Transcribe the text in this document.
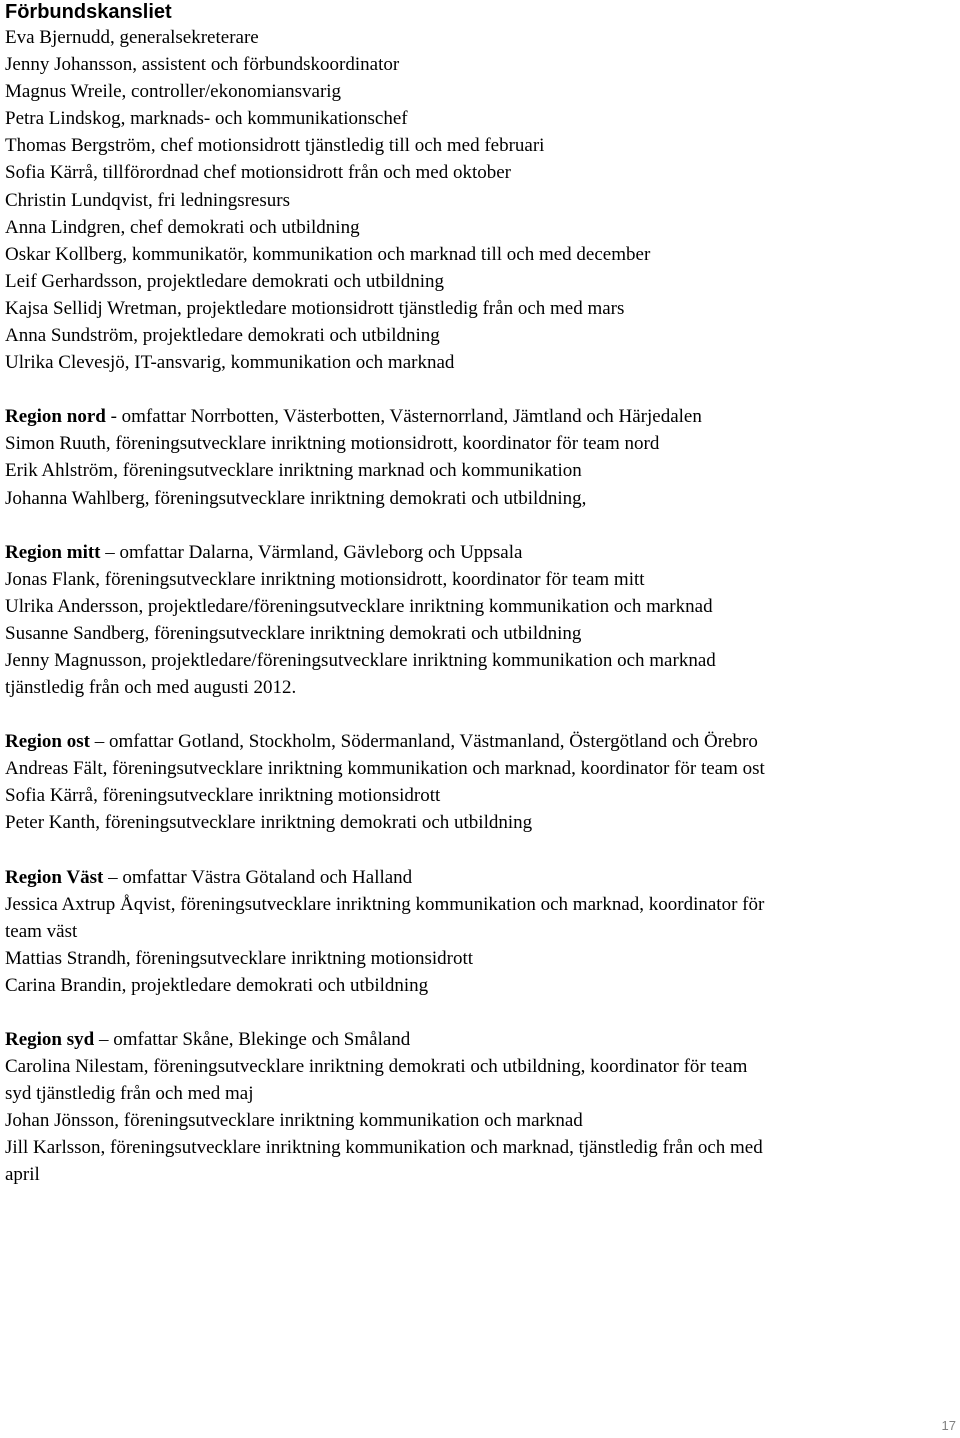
Förbundskansliet
Eva Bjernudd, generalsekreterare
Jenny Johansson, assistent och förbundskoordinator
Magnus Wreile, controller/ekonomiansvarig
Petra Lindskog, marknads- och kommunikationschef
Thomas Bergström, chef motionsidrott tjänstledig till och med februari
Sofia Kärrå, tillförordnad chef motionsidrott från och med oktober
Christin Lundqvist, fri ledningsresurs
Anna Lindgren, chef demokrati och utbildning
Oskar Kollberg, kommunikatör, kommunikation och marknad till och med december
Leif Gerhardsson, projektledare demokrati och utbildning
Kajsa Sellidj Wretman, projektledare motionsidrott tjänstledig från och med mars
Anna Sundström, projektledare demokrati och utbildning
Ulrika Clevesjö, IT-ansvarig, kommunikation och marknad
Region nord - omfattar Norrbotten, Västerbotten, Västernorrland, Jämtland och Härjedalen
Simon Ruuth, föreningsutvecklare inriktning motionsidrott, koordinator för team nord
Erik Ahlström, föreningsutvecklare inriktning marknad och kommunikation
Johanna Wahlberg, föreningsutvecklare inriktning demokrati och utbildning,
Region mitt – omfattar Dalarna, Värmland, Gävleborg och Uppsala
Jonas Flank, föreningsutvecklare inriktning motionsidrott, koordinator för team mitt
Ulrika Andersson, projektledare/föreningsutvecklare inriktning kommunikation och marknad
Susanne Sandberg, föreningsutvecklare inriktning demokrati och utbildning
Jenny Magnusson, projektledare/föreningsutvecklare inriktning kommunikation och marknad
tjänstledig från och med augusti 2012.
Region ost – omfattar Gotland, Stockholm, Södermanland, Västmanland, Östergötland och Örebro
Andreas Fält, föreningsutvecklare inriktning kommunikation och marknad, koordinator för team ost
Sofia Kärrå, föreningsutvecklare inriktning motionsidrott
Peter Kanth, föreningsutvecklare inriktning demokrati och utbildning
Region Väst – omfattar Västra Götaland och Halland
Jessica Axtrup Åqvist, föreningsutvecklare inriktning kommunikation och marknad, koordinator för
team väst
Mattias Strandh, föreningsutvecklare inriktning motionsidrott
Carina Brandin, projektledare demokrati och utbildning
Region syd – omfattar Skåne, Blekinge och Småland
Carolina Nilestam, föreningsutvecklare inriktning demokrati och utbildning, koordinator för team
syd tjänstledig från och med maj
Johan Jönsson, föreningsutvecklare inriktning kommunikation och marknad
Jill Karlsson, föreningsutvecklare inriktning kommunikation och marknad, tjänstledig från och med
april
17
